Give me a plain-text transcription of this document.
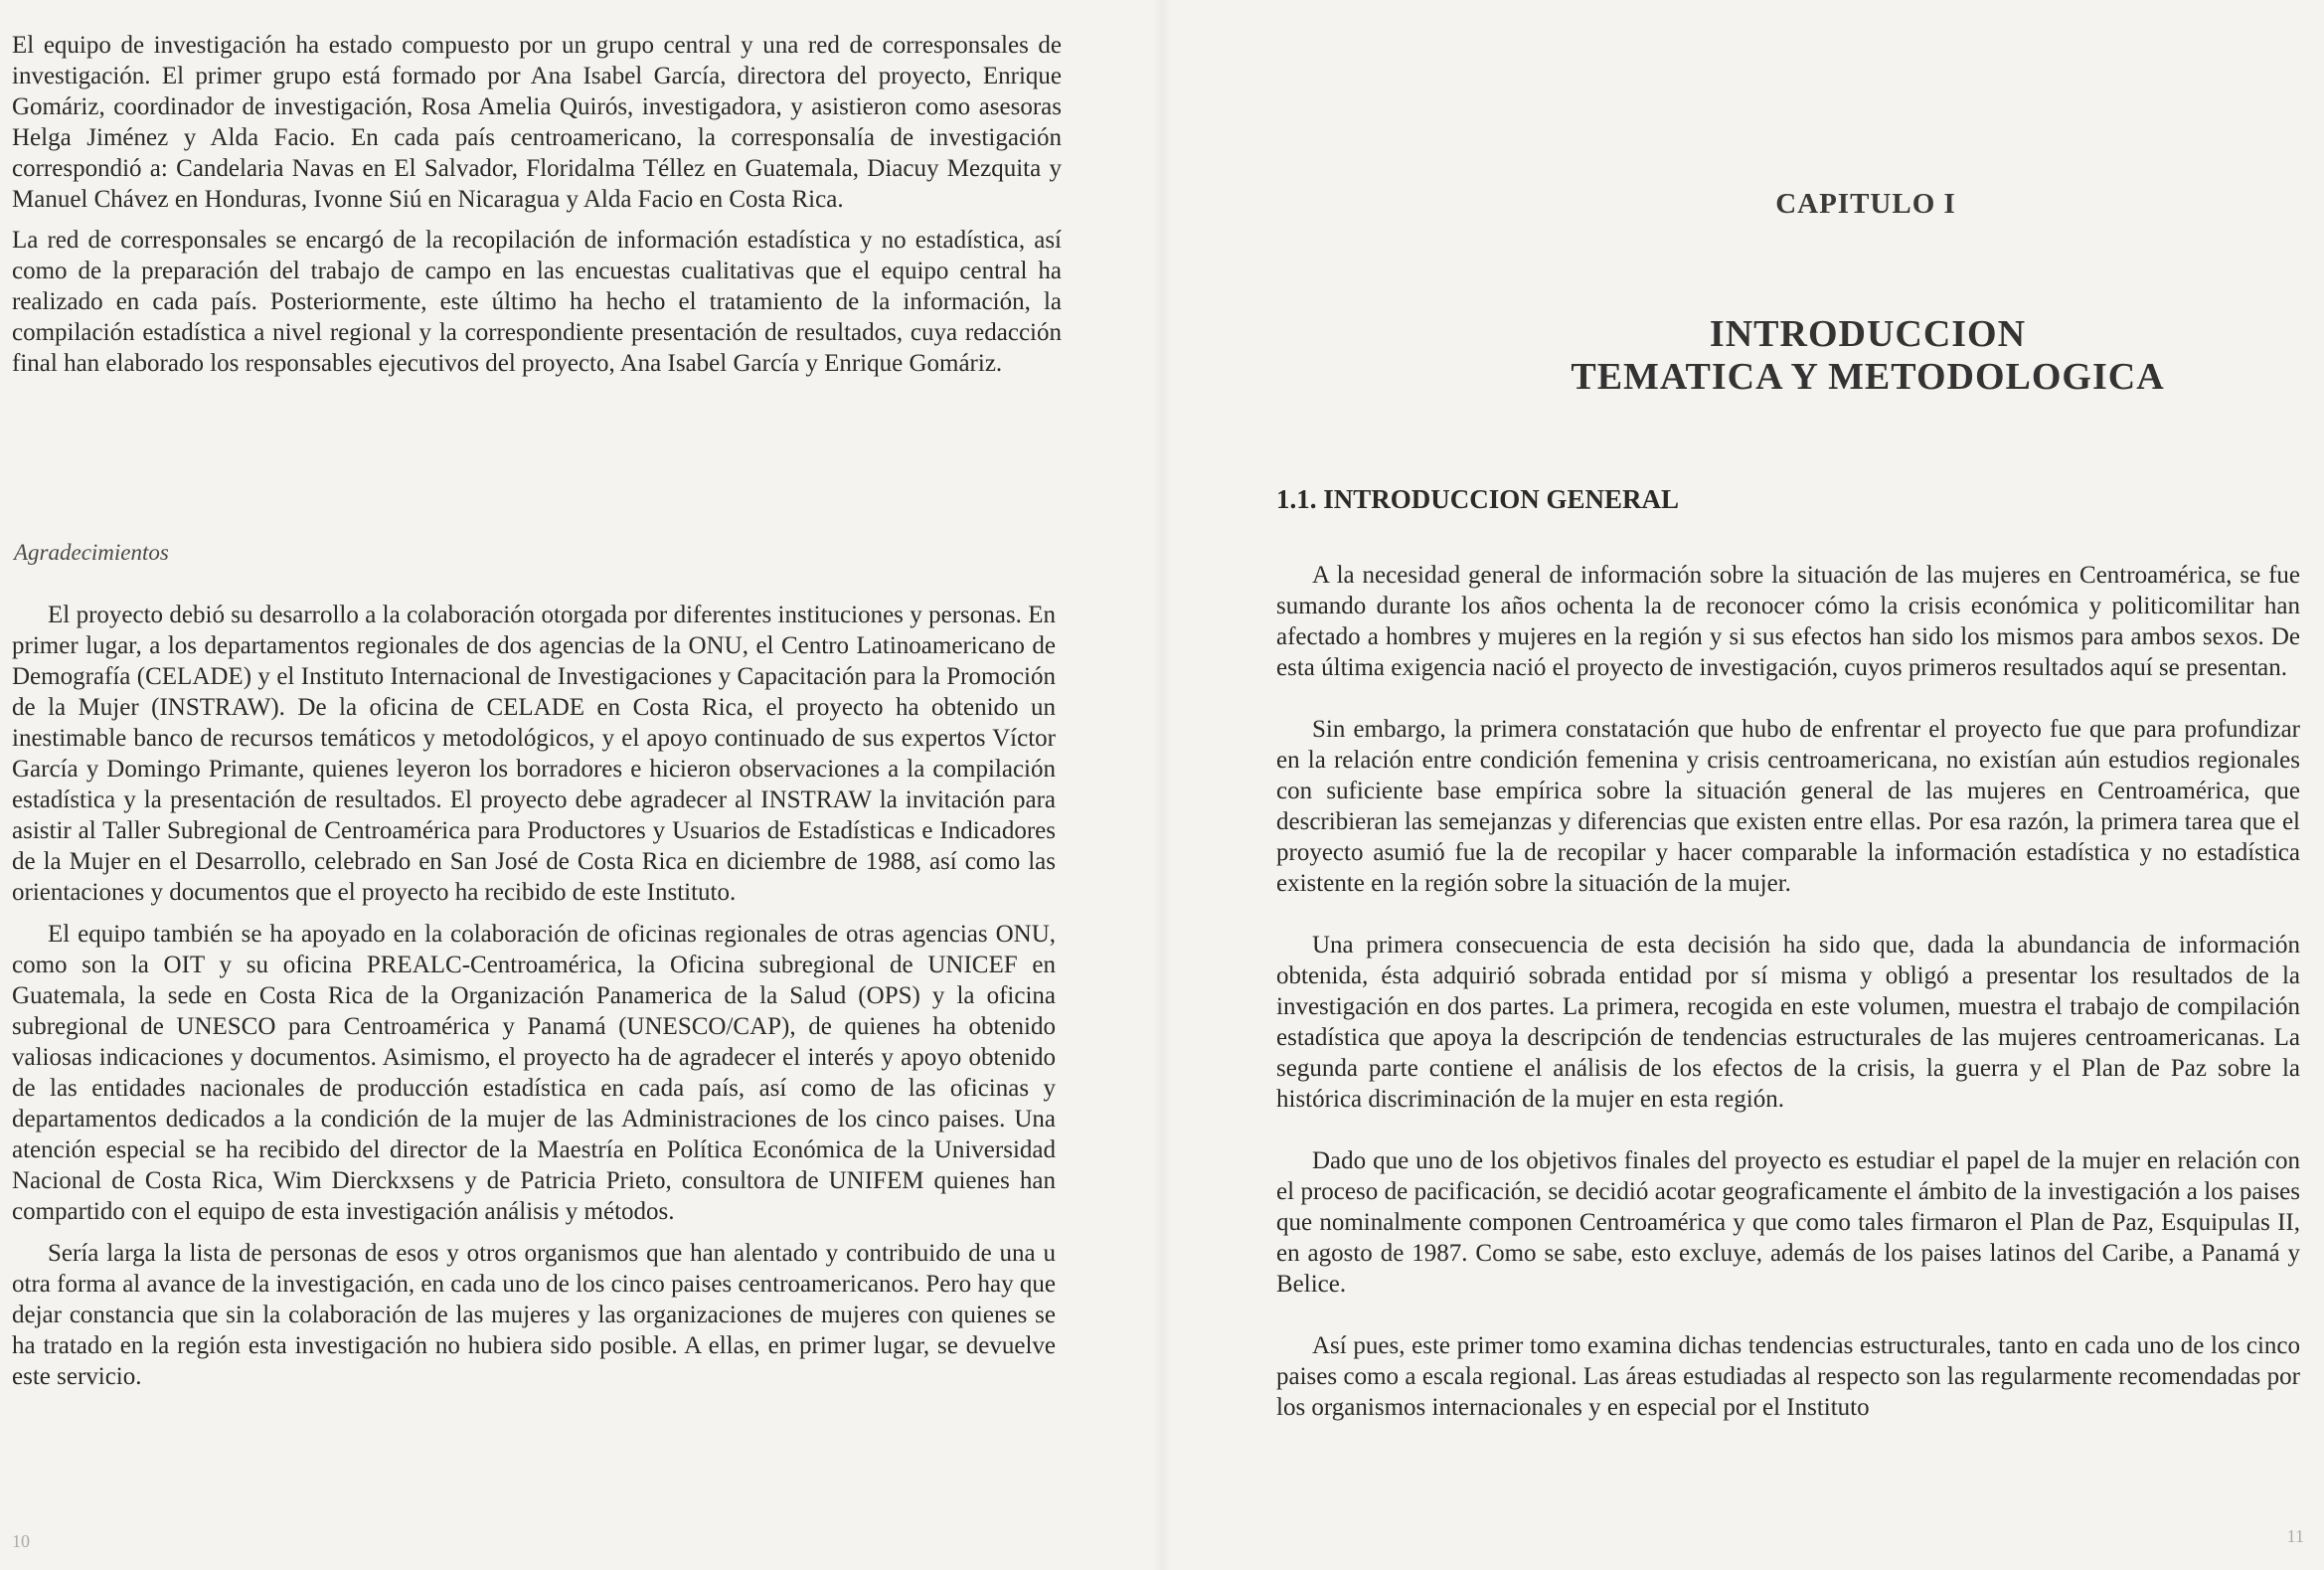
El equipo de investigación ha estado compuesto por un grupo central y una red de corresponsales de investigación. El primer grupo está formado por Ana Isabel García, directora del proyecto, Enrique Gomáriz, coordinador de investigación, Rosa Amelia Quirós, investigadora, y asistieron como asesoras Helga Jiménez y Alda Facio. En cada país centroamericano, la corresponsalía de investigación correspondió a: Candelaria Navas en El Salvador, Floridalma Téllez en Guatemala, Diacuy Mezquita y Manuel Chávez en Honduras, Ivonne Siú en Nicaragua y Alda Facio en Costa Rica.

La red de corresponsales se encargó de la recopilación de información estadística y no estadística, así como de la preparación del trabajo de campo en las encuestas cualitativas que el equipo central ha realizado en cada país. Posteriormente, este último ha hecho el tratamiento de la información, la compilación estadística a nivel regional y la correspondiente presentación de resultados, cuya redacción final han elaborado los responsables ejecutivos del proyecto, Ana Isabel García y Enrique Gomáriz.

Agradecimientos

El proyecto debió su desarrollo a la colaboración otorgada por diferentes instituciones y personas. En primer lugar, a los departamentos regionales de dos agencias de la ONU, el Centro Latinoamericano de Demografía (CELADE) y el Instituto Internacional de Investigaciones y Capacitación para la Promoción de la Mujer (INSTRAW). De la oficina de CELADE en Costa Rica, el proyecto ha obtenido un inestimable banco de recursos temáticos y metodológicos, y el apoyo continuado de sus expertos Víctor García y Domingo Primante, quienes leyeron los borradores e hicieron observaciones a la compilación estadística y la presentación de resultados. El proyecto debe agradecer al INSTRAW la invitación para asistir al Taller Subregional de Centroamérica para Productores y Usuarios de Estadísticas e Indicadores de la Mujer en el Desarrollo, celebrado en San José de Costa Rica en diciembre de 1988, así como las orientaciones y documentos que el proyecto ha recibido de este Instituto.

El equipo también se ha apoyado en la colaboración de oficinas regionales de otras agencias ONU, como son la OIT y su oficina PREALC-Centroamérica, la Oficina subregional de UNICEF en Guatemala, la sede en Costa Rica de la Organización Panamerica de la Salud (OPS) y la oficina subregional de UNESCO para Centroamérica y Panamá (UNESCO/CAP), de quienes ha obtenido valiosas indicaciones y documentos. Asimismo, el proyecto ha de agradecer el interés y apoyo obtenido de las entidades nacionales de producción estadística en cada país, así como de las oficinas y departamentos dedicados a la condición de la mujer de las Administraciones de los cinco paises. Una atención especial se ha recibido del director de la Maestría en Política Económica de la Universidad Nacional de Costa Rica, Wim Dierckxsens y de Patricia Prieto, consultora de UNIFEM quienes han compartido con el equipo de esta investigación análisis y métodos.

Sería larga la lista de personas de esos y otros organismos que han alentado y contribuido de una u otra forma al avance de la investigación, en cada uno de los cinco paises centroamericanos. Pero hay que dejar constancia que sin la colaboración de las mujeres y las organizaciones de mujeres con quienes se ha tratado en la región esta investigación no hubiera sido posible. A ellas, en primer lugar, se devuelve este servicio.

10

CAPITULO I

INTRODUCCION
TEMATICA Y METODOLOGICA

1.1. INTRODUCCION GENERAL

A la necesidad general de información sobre la situación de las mujeres en Centroamérica, se fue sumando durante los años ochenta la de reconocer cómo la crisis económica y politicomilitar han afectado a hombres y mujeres en la región y si sus efectos han sido los mismos para ambos sexos. De esta última exigencia nació el proyecto de investigación, cuyos primeros resultados aquí se presentan.

Sin embargo, la primera constatación que hubo de enfrentar el proyecto fue que para profundizar en la relación entre condición femenina y crisis centroamericana, no existían aún estudios regionales con suficiente base empírica sobre la situación general de las mujeres en Centroamérica, que describieran las semejanzas y diferencias que existen entre ellas. Por esa razón, la primera tarea que el proyecto asumió fue la de recopilar y hacer comparable la información estadística y no estadística existente en la región sobre la situación de la mujer.

Una primera consecuencia de esta decisión ha sido que, dada la abundancia de información obtenida, ésta adquirió sobrada entidad por sí misma y obligó a presentar los resultados de la investigación en dos partes. La primera, recogida en este volumen, muestra el trabajo de compilación estadística que apoya la descripción de tendencias estructurales de las mujeres centroamericanas. La segunda parte contiene el análisis de los efectos de la crisis, la guerra y el Plan de Paz sobre la histórica discriminación de la mujer en esta región.

Dado que uno de los objetivos finales del proyecto es estudiar el papel de la mujer en relación con el proceso de pacificación, se decidió acotar geograficamente el ámbito de la investigación a los paises que nominalmente componen Centroamérica y que como tales firmaron el Plan de Paz, Esquipulas II, en agosto de 1987. Como se sabe, esto excluye, además de los paises latinos del Caribe, a Panamá y Belice.

Así pues, este primer tomo examina dichas tendencias estructurales, tanto en cada uno de los cinco paises como a escala regional. Las áreas estudiadas al respecto son las regularmente recomendadas por los organismos internacionales y en especial por el Instituto

11
